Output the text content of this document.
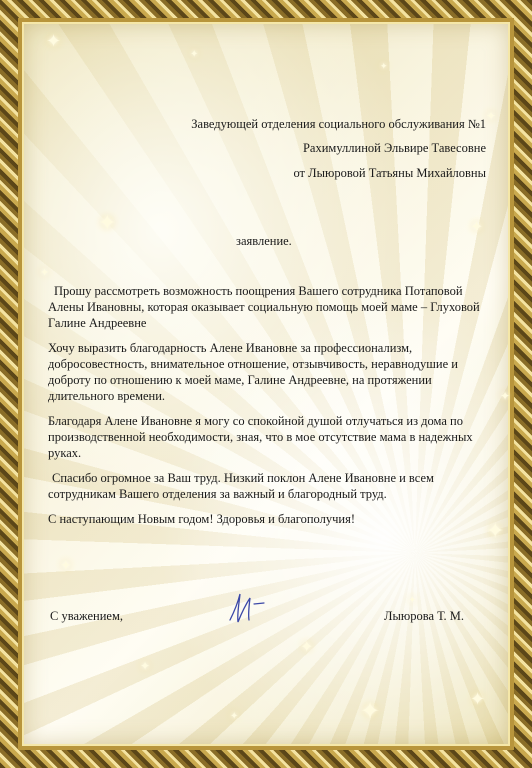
✦
✦
✦
✦
✦
✦
✦
✦
✦
✦
✦
✦
✦
✦
✦
✦
Заведующей отделения социального обслуживания №1
Рахимуллиной Эльвире Тавесовне
от Лыюровой Татьяны Михайловны
заявление.

Прошу рассмотреть возможность поощрения Вашего сотрудника Потаповой Алены Ивановны, которая оказывает социальную помощь моей маме – Глуховой Галине Андреевне

Хочу выразить благодарность Алене Ивановне за профессионализм, добросовестность, внимательное отношение, отзывчивость, неравнодушие и доброту по отношению к моей маме, Галине Андреевне, на протяжении длительного времени.

Благодаря Алене Ивановне я могу со спокойной душой отлучаться из дома по производственной необходимости, зная, что в мое отсутствие мама в надежных руках.

Спасибо огромное за Ваш труд. Низкий поклон Алене Ивановне и всем сотрудникам Вашего отделения за важный и благородный труд.

С наступающим Новым годом! Здоровья и благополучия!

С уважением,	Лыюрова Т. М.
